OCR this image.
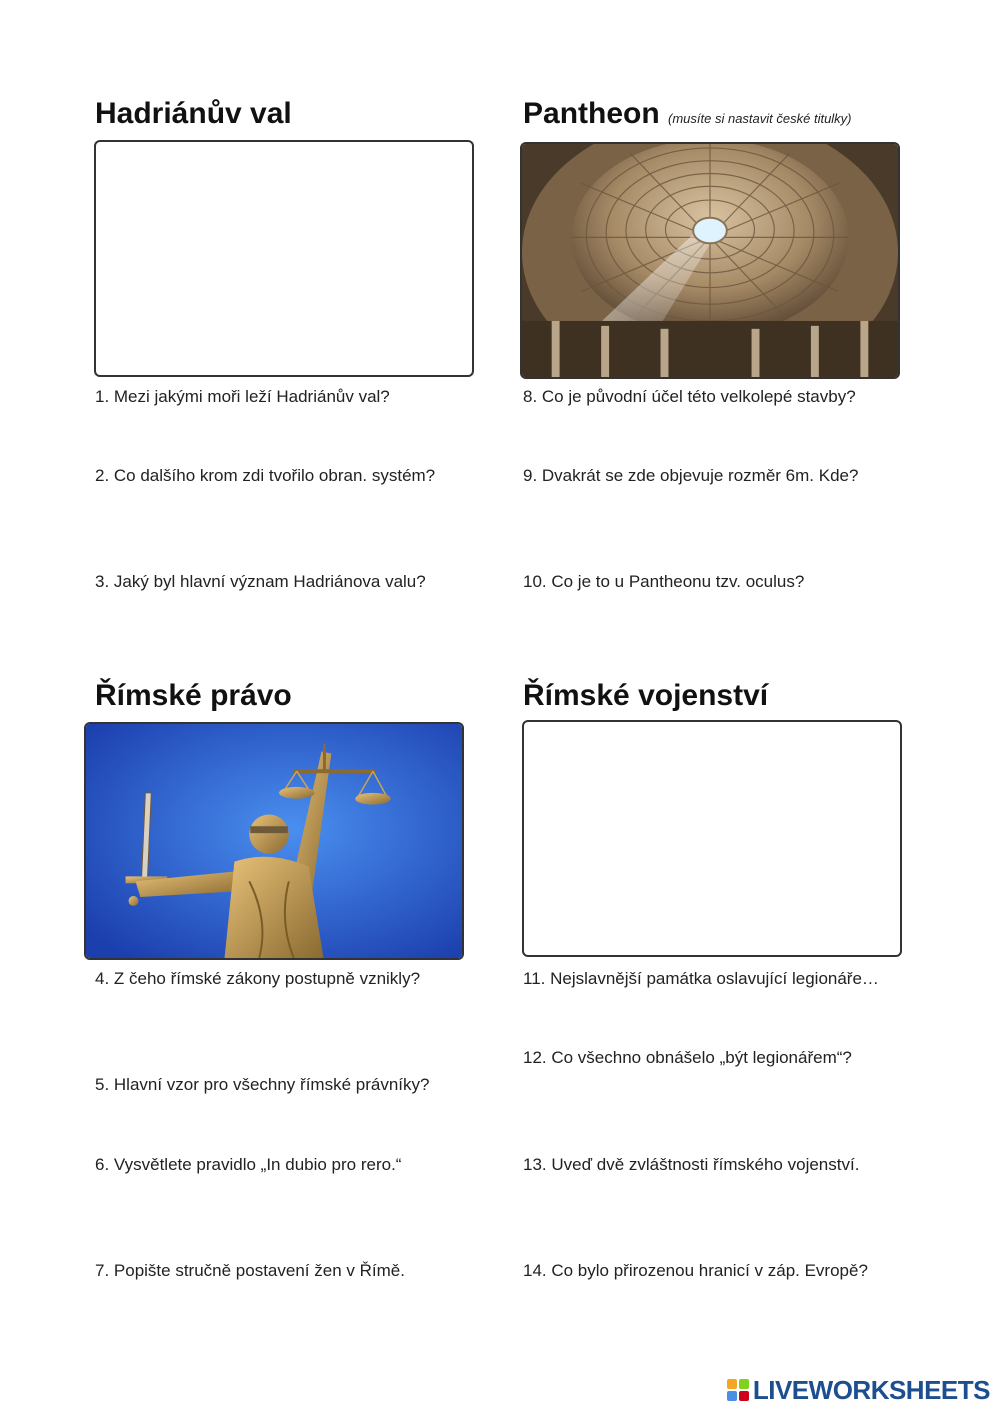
Hadriánův val
1. Mezi jakými moři leží Hadriánův val?
2. Co dalšího krom zdi tvořilo obran. systém?
3. Jaký byl hlavní význam Hadriánova valu?
Pantheon (musíte si nastavit české titulky)
8. Co je původní účel této velkolepé stavby?
9. Dvakrát se zde objevuje rozměr 6m. Kde?
10. Co je to u Pantheonu tzv. oculus?
Římské právo
4. Z čeho římské zákony postupně vznikly?
5. Hlavní vzor pro všechny římské právníky?
6. Vysvětlete pravidlo „In dubio pro rero.“
7. Popište stručně postavení žen v Římě.
Římské vojenství
11. Nejslavnější památka oslavující legionáře…
12. Co všechno obnášelo „být legionářem“?
13. Uveď dvě zvláštnosti římského vojenství.
14. Co bylo přirozenou hranicí v záp. Evropě?
LIVEWORKSHEETS
